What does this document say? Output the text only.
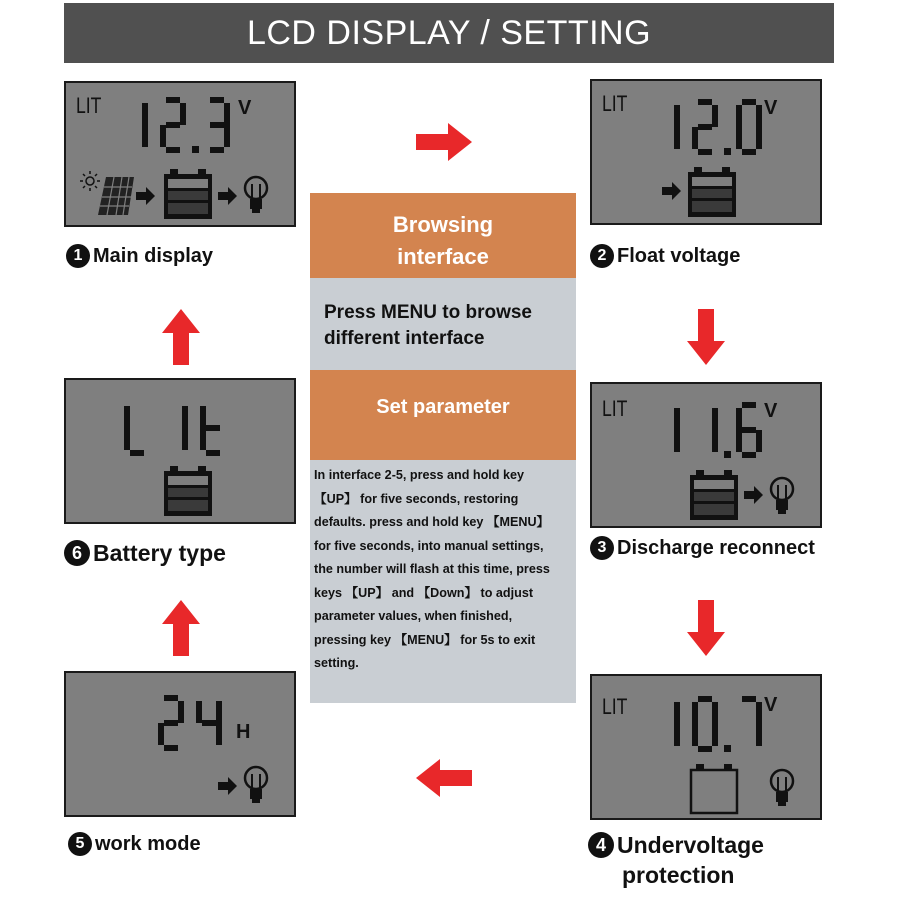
LCD DISPLAY / SETTING
LIT	V
1 Main display
LIT	V
2 Float voltage
LIT	V
3 Discharge reconnect
LIT	V
4 Undervoltage
protection
H
5 work mode
6 Battery type
Browsing interface
Press MENU to browse different interface
Set parameter
In interface 2-5, press and hold key 【UP】 for five seconds, restoring defaults. press and hold key 【MENU】 for five seconds, into manual settings, the number will flash at this time, press keys 【UP】 and 【Down】 to adjust parameter values, when finished, pressing key 【MENU】 for 5s to exit setting.
